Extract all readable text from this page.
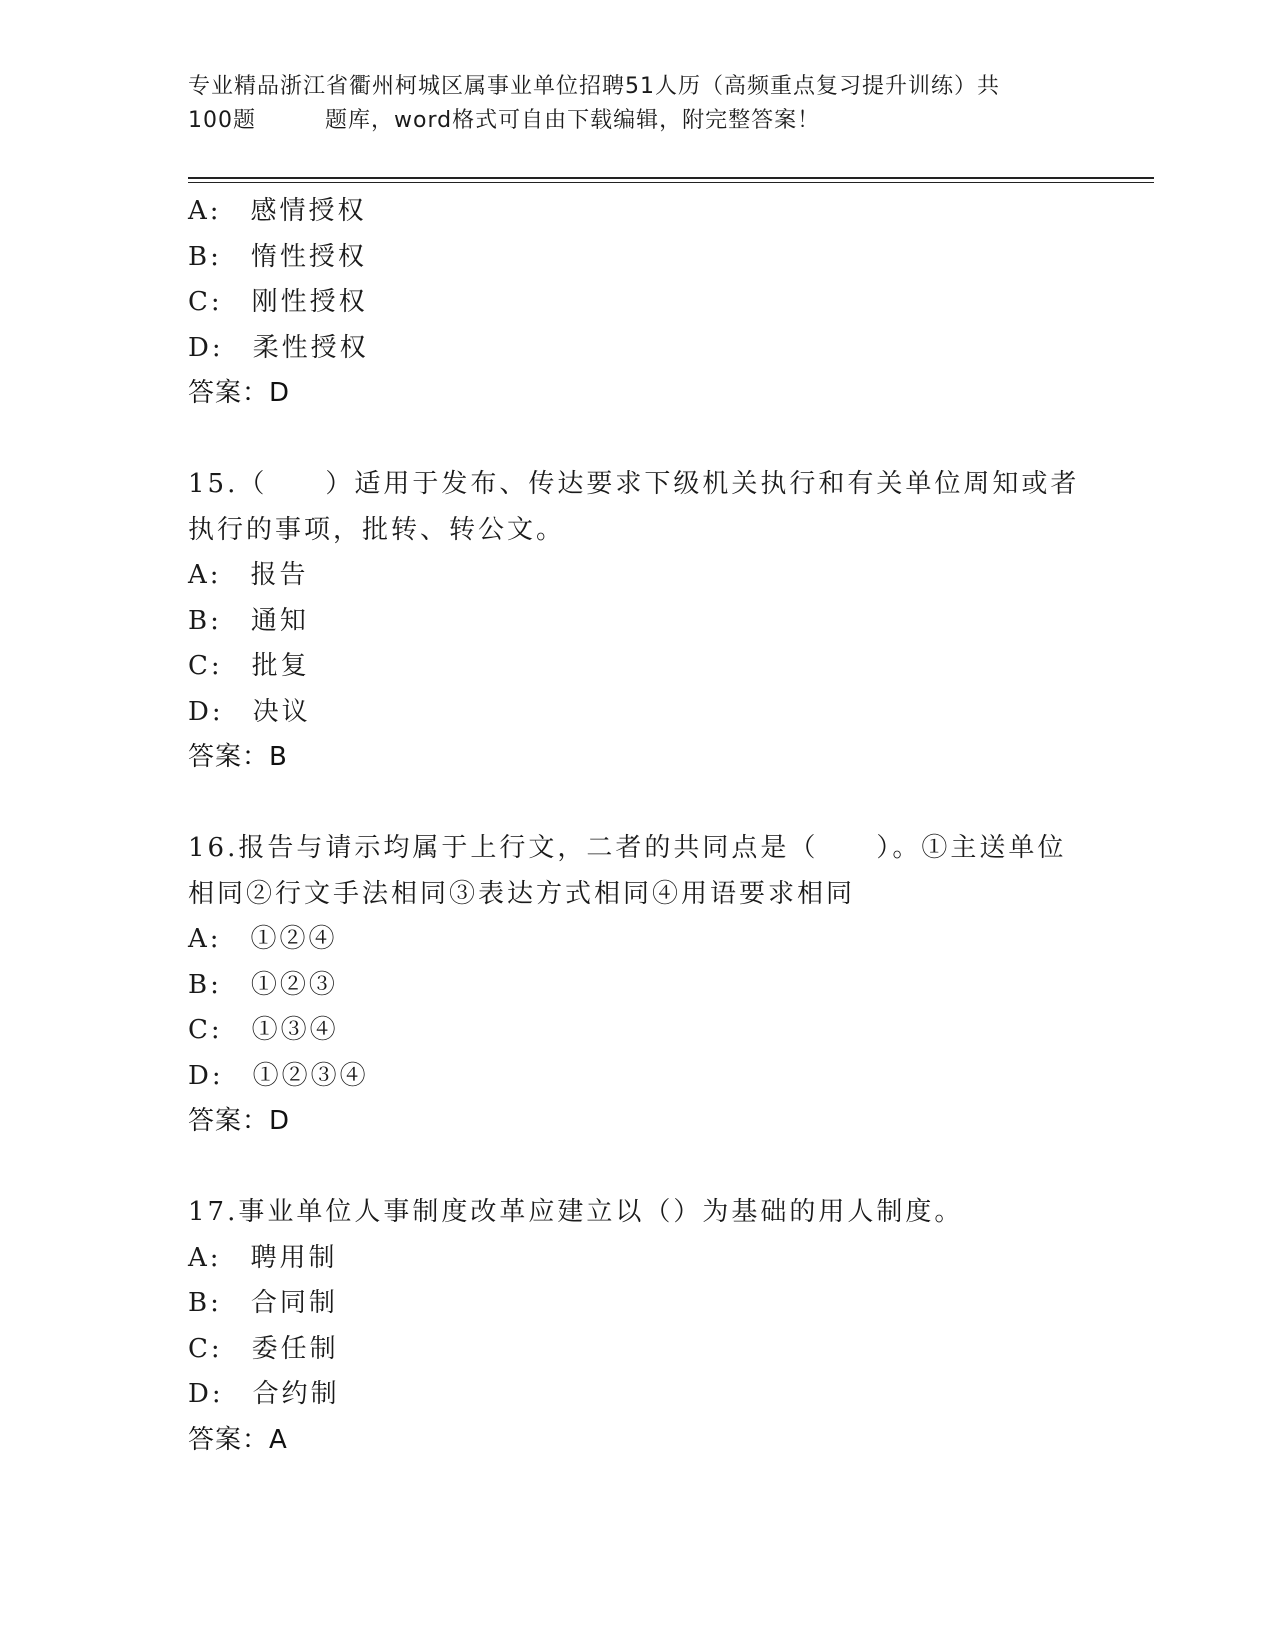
专业精品浙江省衢州柯城区属事业单位招聘51人历（高频重点复习提升训练）共
100题　　　题库，word格式可自由下载编辑，附完整答案！
A:　感情授权
B:　惰性授权
C:　刚性授权
D:　柔性授权
答案：D
15.（　　）适用于发布、传达要求下级机关执行和有关单位周知或者
执行的事项，批转、转公文。
A:　报告
B:　通知
C:　批复
D:　决议
答案：B
16.报告与请示均属于上行文，二者的共同点是（　　）。①主送单位
相同②行文手法相同③表达方式相同④用语要求相同
A:　①②④
B:　①②③
C:　①③④
D:　①②③④
答案：D
17.事业单位人事制度改革应建立以（）为基础的用人制度。
A:　聘用制
B:　合同制
C:　委任制
D:　合约制
答案：A
